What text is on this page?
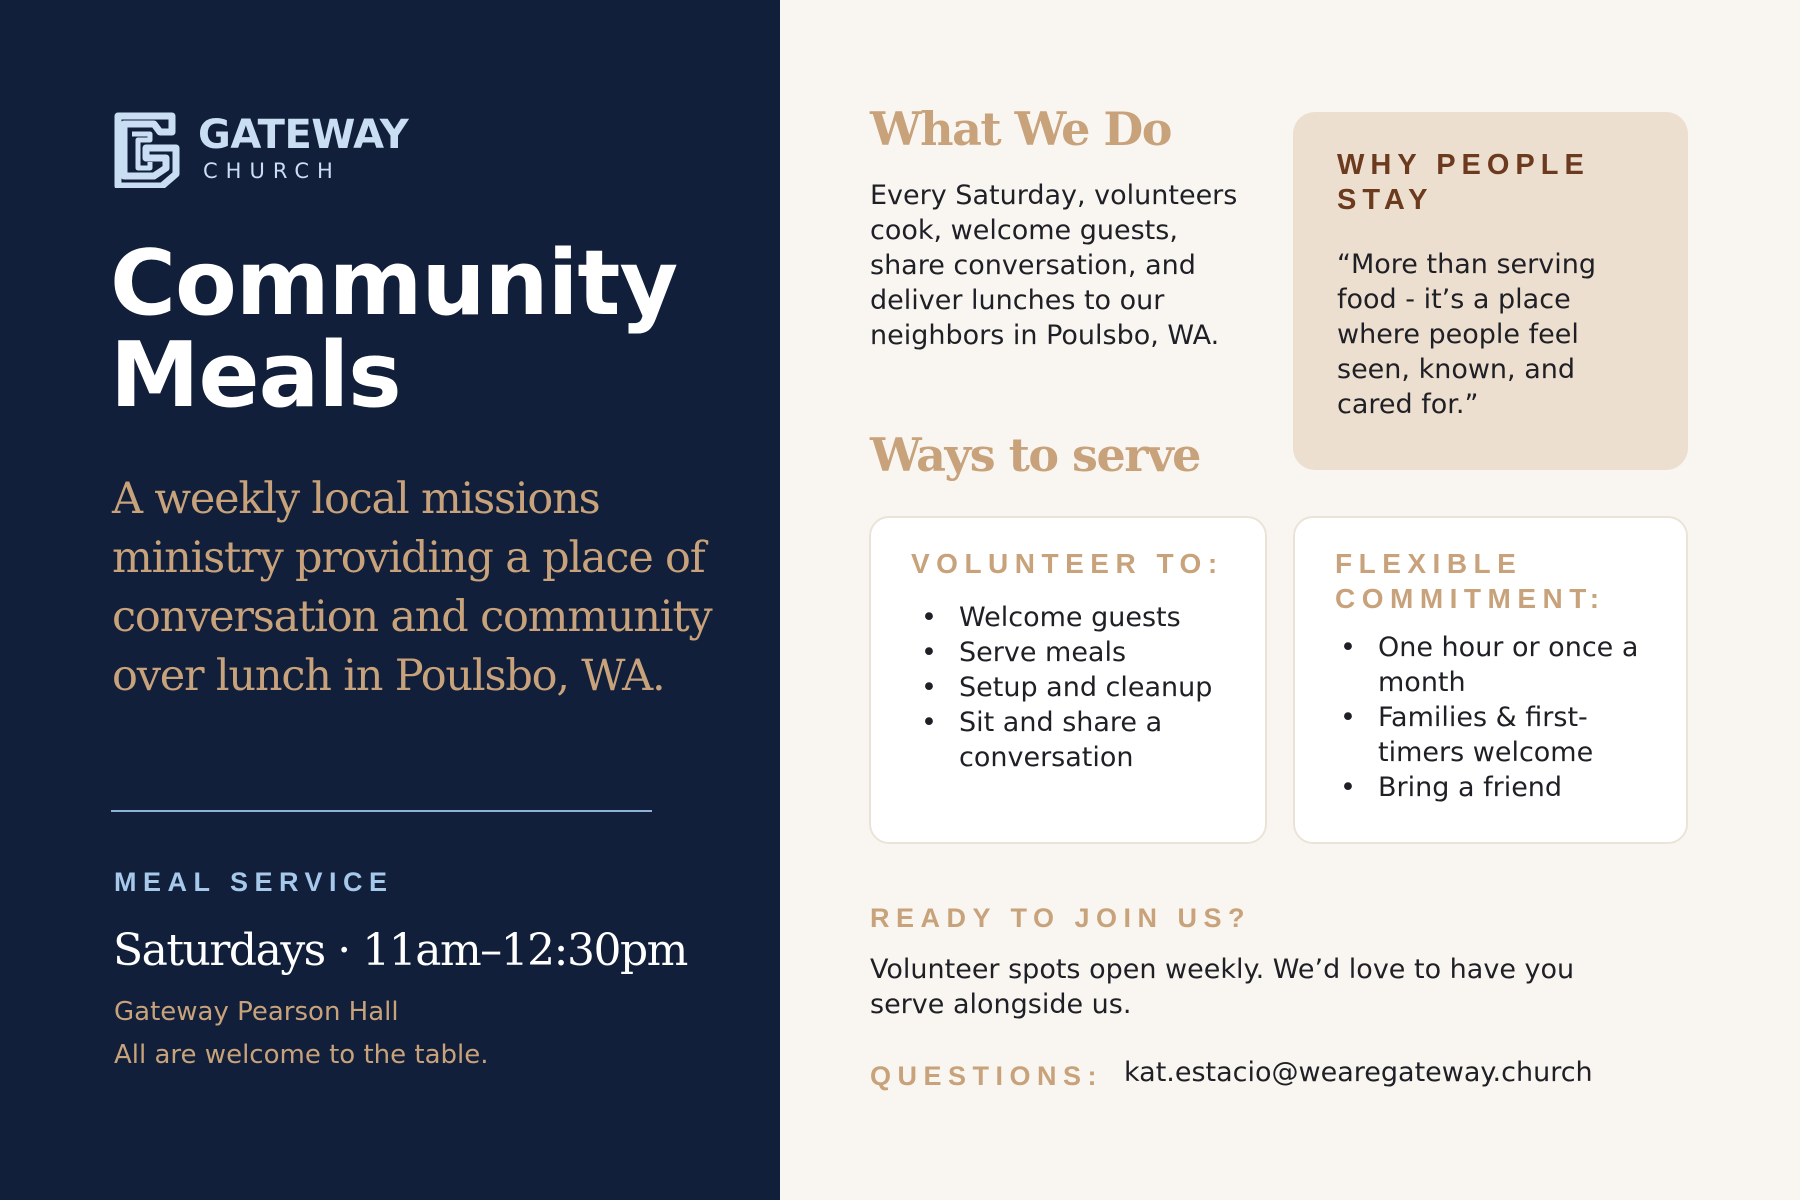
GATEWAY
CHURCH
Community
Meals

A weekly local missions ministry providing a place of conversation and community over lunch in Poulsbo, WA.

MEAL SERVICE
Saturdays · 11am–12:30pm
Gateway Pearson Hall
All are welcome to the table.
What We Do

Every Saturday, volunteers cook, welcome guests, share conversation, and deliver lunches to our neighbors in Poulsbo, WA.

WHY PEOPLE STAY

“More than serving food - it’s a place where people feel seen, known, and cared for.”

Ways to serve
VOLUNTEER TO:
• Welcome guests
• Serve meals
• Setup and cleanup
• Sit and share a conversation
FLEXIBLE COMMITMENT:
• One hour or once a month
• Families & first-timers welcome
• Bring a friend
READY TO JOIN US?

Volunteer spots open weekly. We’d love to have you serve alongside us.

QUESTIONS: kat.estacio@wearegateway.church
